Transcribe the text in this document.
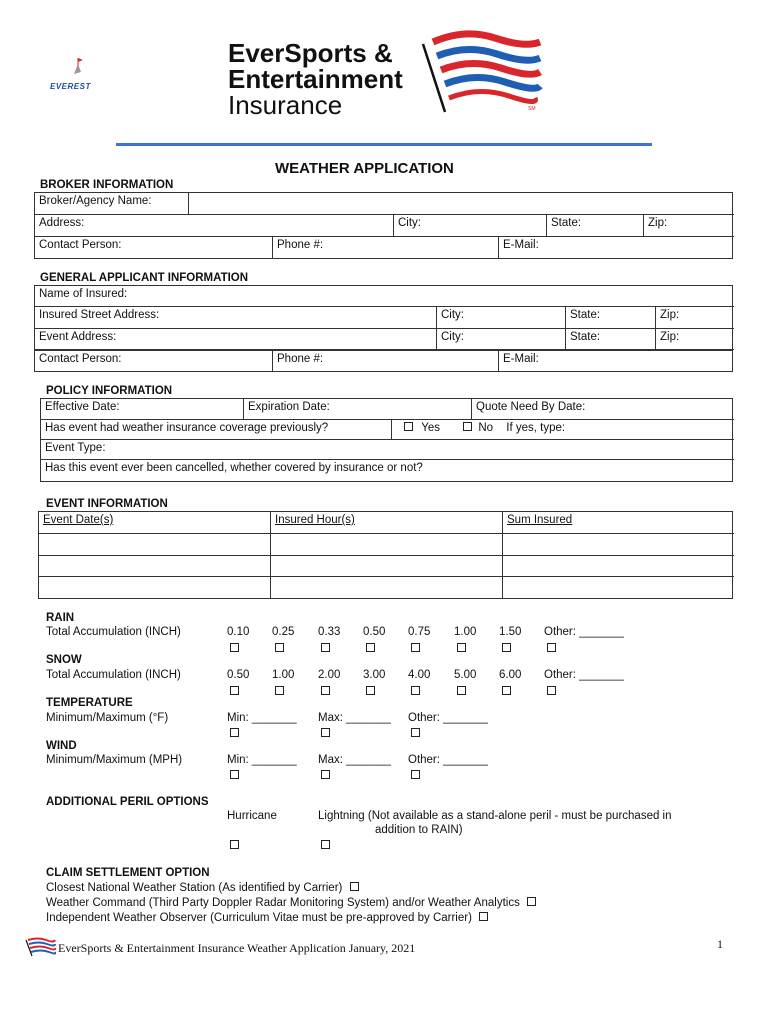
EVEREST
EverSports &
Entertainment
Insurance	SM
WEATHER APPLICATION
BROKER INFORMATION
Broker/Agency Name:
Address:	City:	State:	Zip:
Contact Person:	Phone #:	E-Mail:
GENERAL APPLICANT INFORMATION
Name of Insured:
Insured Street Address:	City:	State:	Zip:
Event Address:	City:	State:	Zip:
Contact Person:	Phone #:	E-Mail:
POLICY INFORMATION
Effective Date:	Expiration Date:	Quote Need By Date:
Has event had weather insurance coverage previously?	Yes	No If yes, type:
Event Type:
Has this event ever been cancelled, whether covered by insurance or not?
EVENT INFORMATION
Event Date(s)	Insured Hour(s)	Sum Insured
RAIN
Total Accumulation (INCH)	0.10 0.25 0.33 0.50 0.75 1.00 1.50 Other: _______
SNOW
Total Accumulation (INCH)	0.50 1.00 2.00 3.00 4.00 5.00 6.00 Other: _______
TEMPERATURE
Minimum/Maximum (°F)	Min: _______ Max: _______ Other: _______
WIND
Minimum/Maximum (MPH)	Min: _______ Max: _______ Other: _______
ADDITIONAL PERIL OPTIONS
Hurricane	Lightning (Not available as a stand-alone peril - must be purchased in
addition to RAIN)
CLAIM SETTLEMENT OPTION
Closest National Weather Station (As identified by Carrier)
Weather Command (Third Party Doppler Radar Monitoring System) and/or Weather Analytics
Independent Weather Observer (Curriculum Vitae must be pre-approved by Carrier)
EverSports & Entertainment Insurance Weather Application January, 2021	1
